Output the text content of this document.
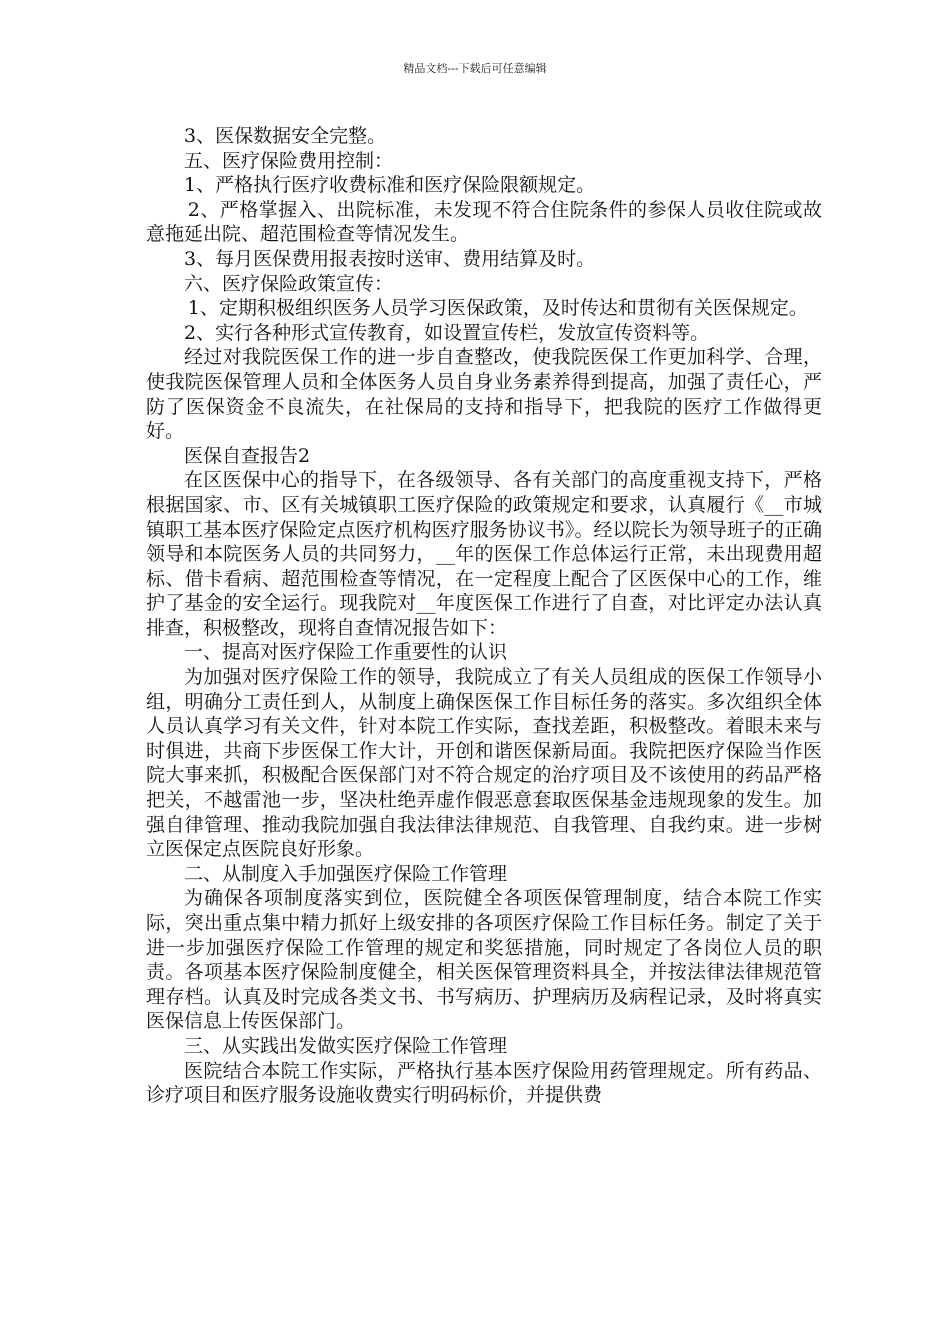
精品文档---下载后可任意编辑

3、医保数据安全完整。

五、医疗保险费用控制：

1、严格执行医疗收费标准和医疗保险限额规定。

2、严格掌握入、出院标准，未发现不符合住院条件的参保人员收住院或故意拖延出院、超范围检查等情况发生。

3、每月医保费用报表按时送审、费用结算及时。

六、医疗保险政策宣传：

1、定期积极组织医务人员学习医保政策，及时传达和贯彻有关医保规定。

2、实行各种形式宣传教育，如设置宣传栏，发放宣传资料等。

经过对我院医保工作的进一步自查整改，使我院医保工作更加科学、合理，使我院医保管理人员和全体医务人员自身业务素养得到提高，加强了责任心，严防了医保资金不良流失，在社保局的支持和指导下，把我院的医疗工作做得更好。

医保自查报告2

在区医保中心的指导下，在各级领导、各有关部门的高度重视支持下，严格根据国家、市、区有关城镇职工医疗保险的政策规定和要求，认真履行《__市城镇职工基本医疗保险定点医疗机构医疗服务协议书》。经以院长为领导班子的正确领导和本院医务人员的共同努力，__年的医保工作总体运行正常，未出现费用超标、借卡看病、超范围检查等情况，在一定程度上配合了区医保中心的工作，维护了基金的安全运行。现我院对__年度医保工作进行了自查，对比评定办法认真排查，积极整改，现将自查情况报告如下：

一、提高对医疗保险工作重要性的认识

为加强对医疗保险工作的领导，我院成立了有关人员组成的医保工作领导小组，明确分工责任到人，从制度上确保医保工作目标任务的落实。多次组织全体人员认真学习有关文件，针对本院工作实际，查找差距，积极整改。着眼未来与时俱进，共商下步医保工作大计，开创和谐医保新局面。我院把医疗保险当作医院大事来抓，积极配合医保部门对不符合规定的治疗项目及不该使用的药品严格把关，不越雷池一步，坚决杜绝弄虚作假恶意套取医保基金违规现象的发生。加强自律管理、推动我院加强自我法律法律规范、自我管理、自我约束。进一步树立医保定点医院良好形象。

二、从制度入手加强医疗保险工作管理

为确保各项制度落实到位，医院健全各项医保管理制度，结合本院工作实际，突出重点集中精力抓好上级安排的各项医疗保险工作目标任务。制定了关于进一步加强医疗保险工作管理的规定和奖惩措施，同时规定了各岗位人员的职责。各项基本医疗保险制度健全，相关医保管理资料具全，并按法律法律规范管理存档。认真及时完成各类文书、书写病历、护理病历及病程记录，及时将真实医保信息上传医保部门。

三、从实践出发做实医疗保险工作管理

医院结合本院工作实际，严格执行基本医疗保险用药管理规定。所有药品、诊疗项目和医疗服务设施收费实行明码标价，并提供费
